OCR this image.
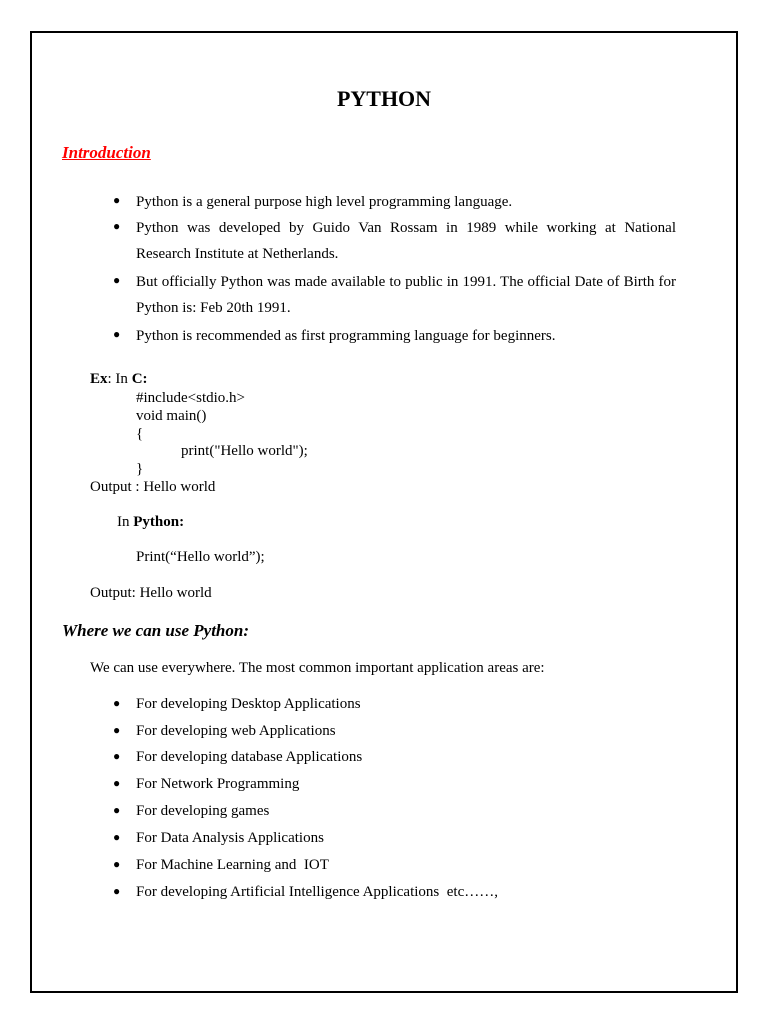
PYTHON
Introduction
● Python is a general purpose high level programming language.
● Python was developed by Guido Van Rossam in 1989 while working at National Research Institute at Netherlands.
● But officially Python was made available to public in 1991. The official Date of Birth for Python is: Feb 20th 1991.
● Python is recommended as first programming language for beginners.
Ex: In C:
#include<stdio.h>
void main()
{
print("Hello world");
}
Output : Hello world
In Python:
Print(“Hello world”);
Output: Hello world
Where we can use Python:
We can use everywhere. The most common important application areas are:
● For developing Desktop Applications
● For developing web Applications
● For developing database Applications
● For Network Programming
● For developing games
● For Data Analysis Applications
● For Machine Learning and  IOT
● For developing Artificial Intelligence Applications  etc……,
